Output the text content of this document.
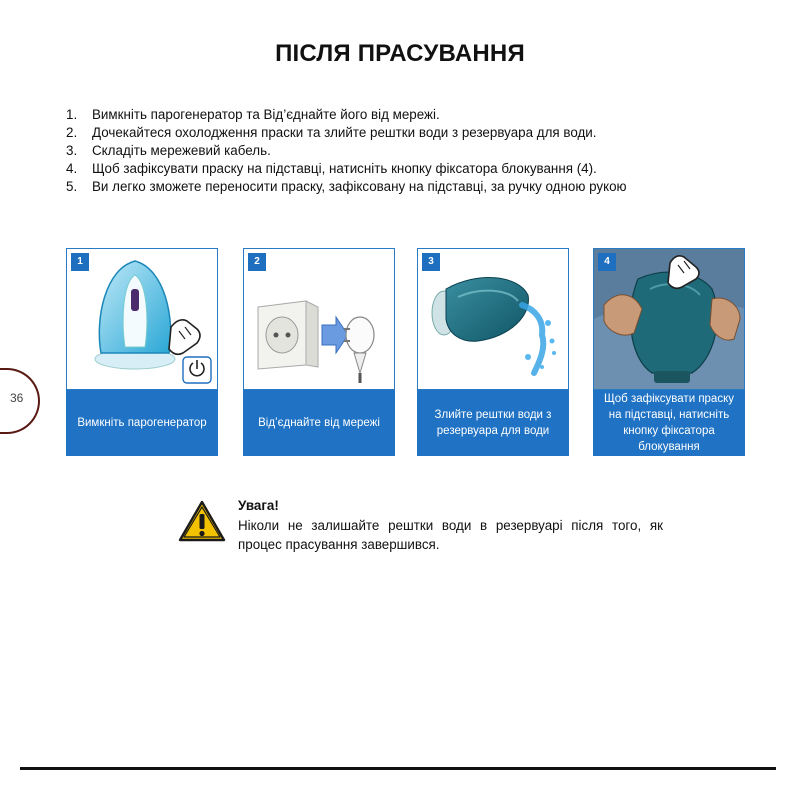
ПІСЛЯ ПРАСУВАННЯ
1.	Вимкніть парогенератор та Від’єднайте його від мережі.
2.	Дочекайтеся охолодження праски та злийте рештки води з резервуара для води.
3.	Складіть мережевий кабель.
4.	Щоб зафіксувати праску на підставці, натисніть кнопку фіксатора блокування (4).
5.	Ви легко зможете переносити праску, зафіксовану на підставці, за ручку одною рукою
36
1
Вимкніть парогенератор
2
Від’єднайте від мережі
3
Злийте рештки води з резервуара для води
4
Щоб зафіксувати праску на підставці, натисніть кнопку фіксатора блокування
Увага!
Ніколи не залишайте рештки води в резервуарі після того, як процес прасування завершився.
